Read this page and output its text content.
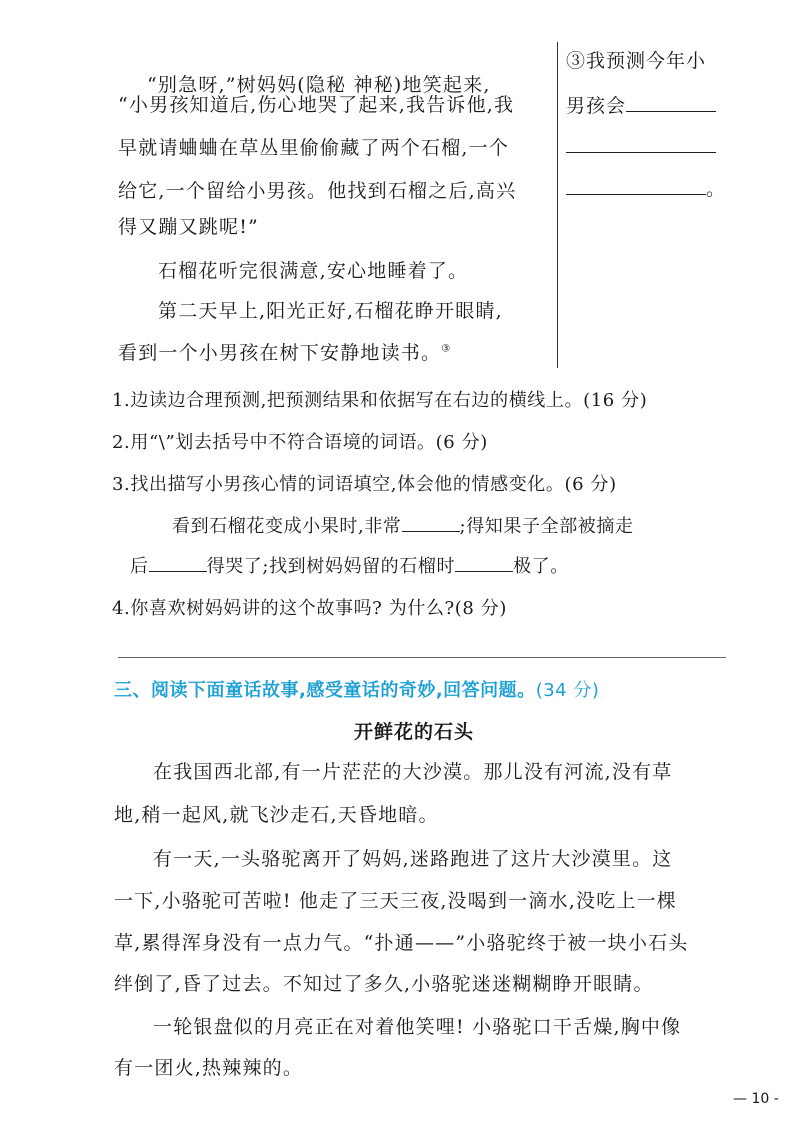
“别急呀,”树妈妈(隐秘 神秘)地笑起来,
“小男孩知道后,伤心地哭了起来,我告诉他,我
早就请蛐蛐在草丛里偷偷藏了两个石榴,一个
给它,一个留给小男孩。他找到石榴之后,高兴
得又蹦又跳呢!”
石榴花听完很满意,安心地睡着了。
第二天早上,阳光正好,石榴花睁开眼睛,
看到一个小男孩在树下安静地读书。③
③我预测今年小
男孩会
。
1.边读边合理预测,把预测结果和依据写在右边的横线上。(16 分)
2.用“\”划去括号中不符合语境的词语。(6 分)
3.找出描写小男孩心情的词语填空,体会他的情感变化。(6 分)
看到石榴花变成小果时,非常	;得知果子全部被摘走
后	得哭了;找到树妈妈留的石榴时	极了。
4.你喜欢树妈妈讲的这个故事吗? 为什么?(8 分)
三、阅读下面童话故事,感受童话的奇妙,回答问题。(34 分)
开鲜花的石头
在我国西北部,有一片茫茫的大沙漠。那儿没有河流,没有草
地,稍一起风,就飞沙走石,天昏地暗。
有一天,一头骆驼离开了妈妈,迷路跑进了这片大沙漠里。这
一下,小骆驼可苦啦! 他走了三天三夜,没喝到一滴水,没吃上一棵
草,累得浑身没有一点力气。“扑通——”小骆驼终于被一块小石头
绊倒了,昏了过去。不知过了多久,小骆驼迷迷糊糊睁开眼睛。
一轮银盘似的月亮正在对着他笑哩! 小骆驼口干舌燥,胸中像
有一团火,热辣辣的。
— 10 -
